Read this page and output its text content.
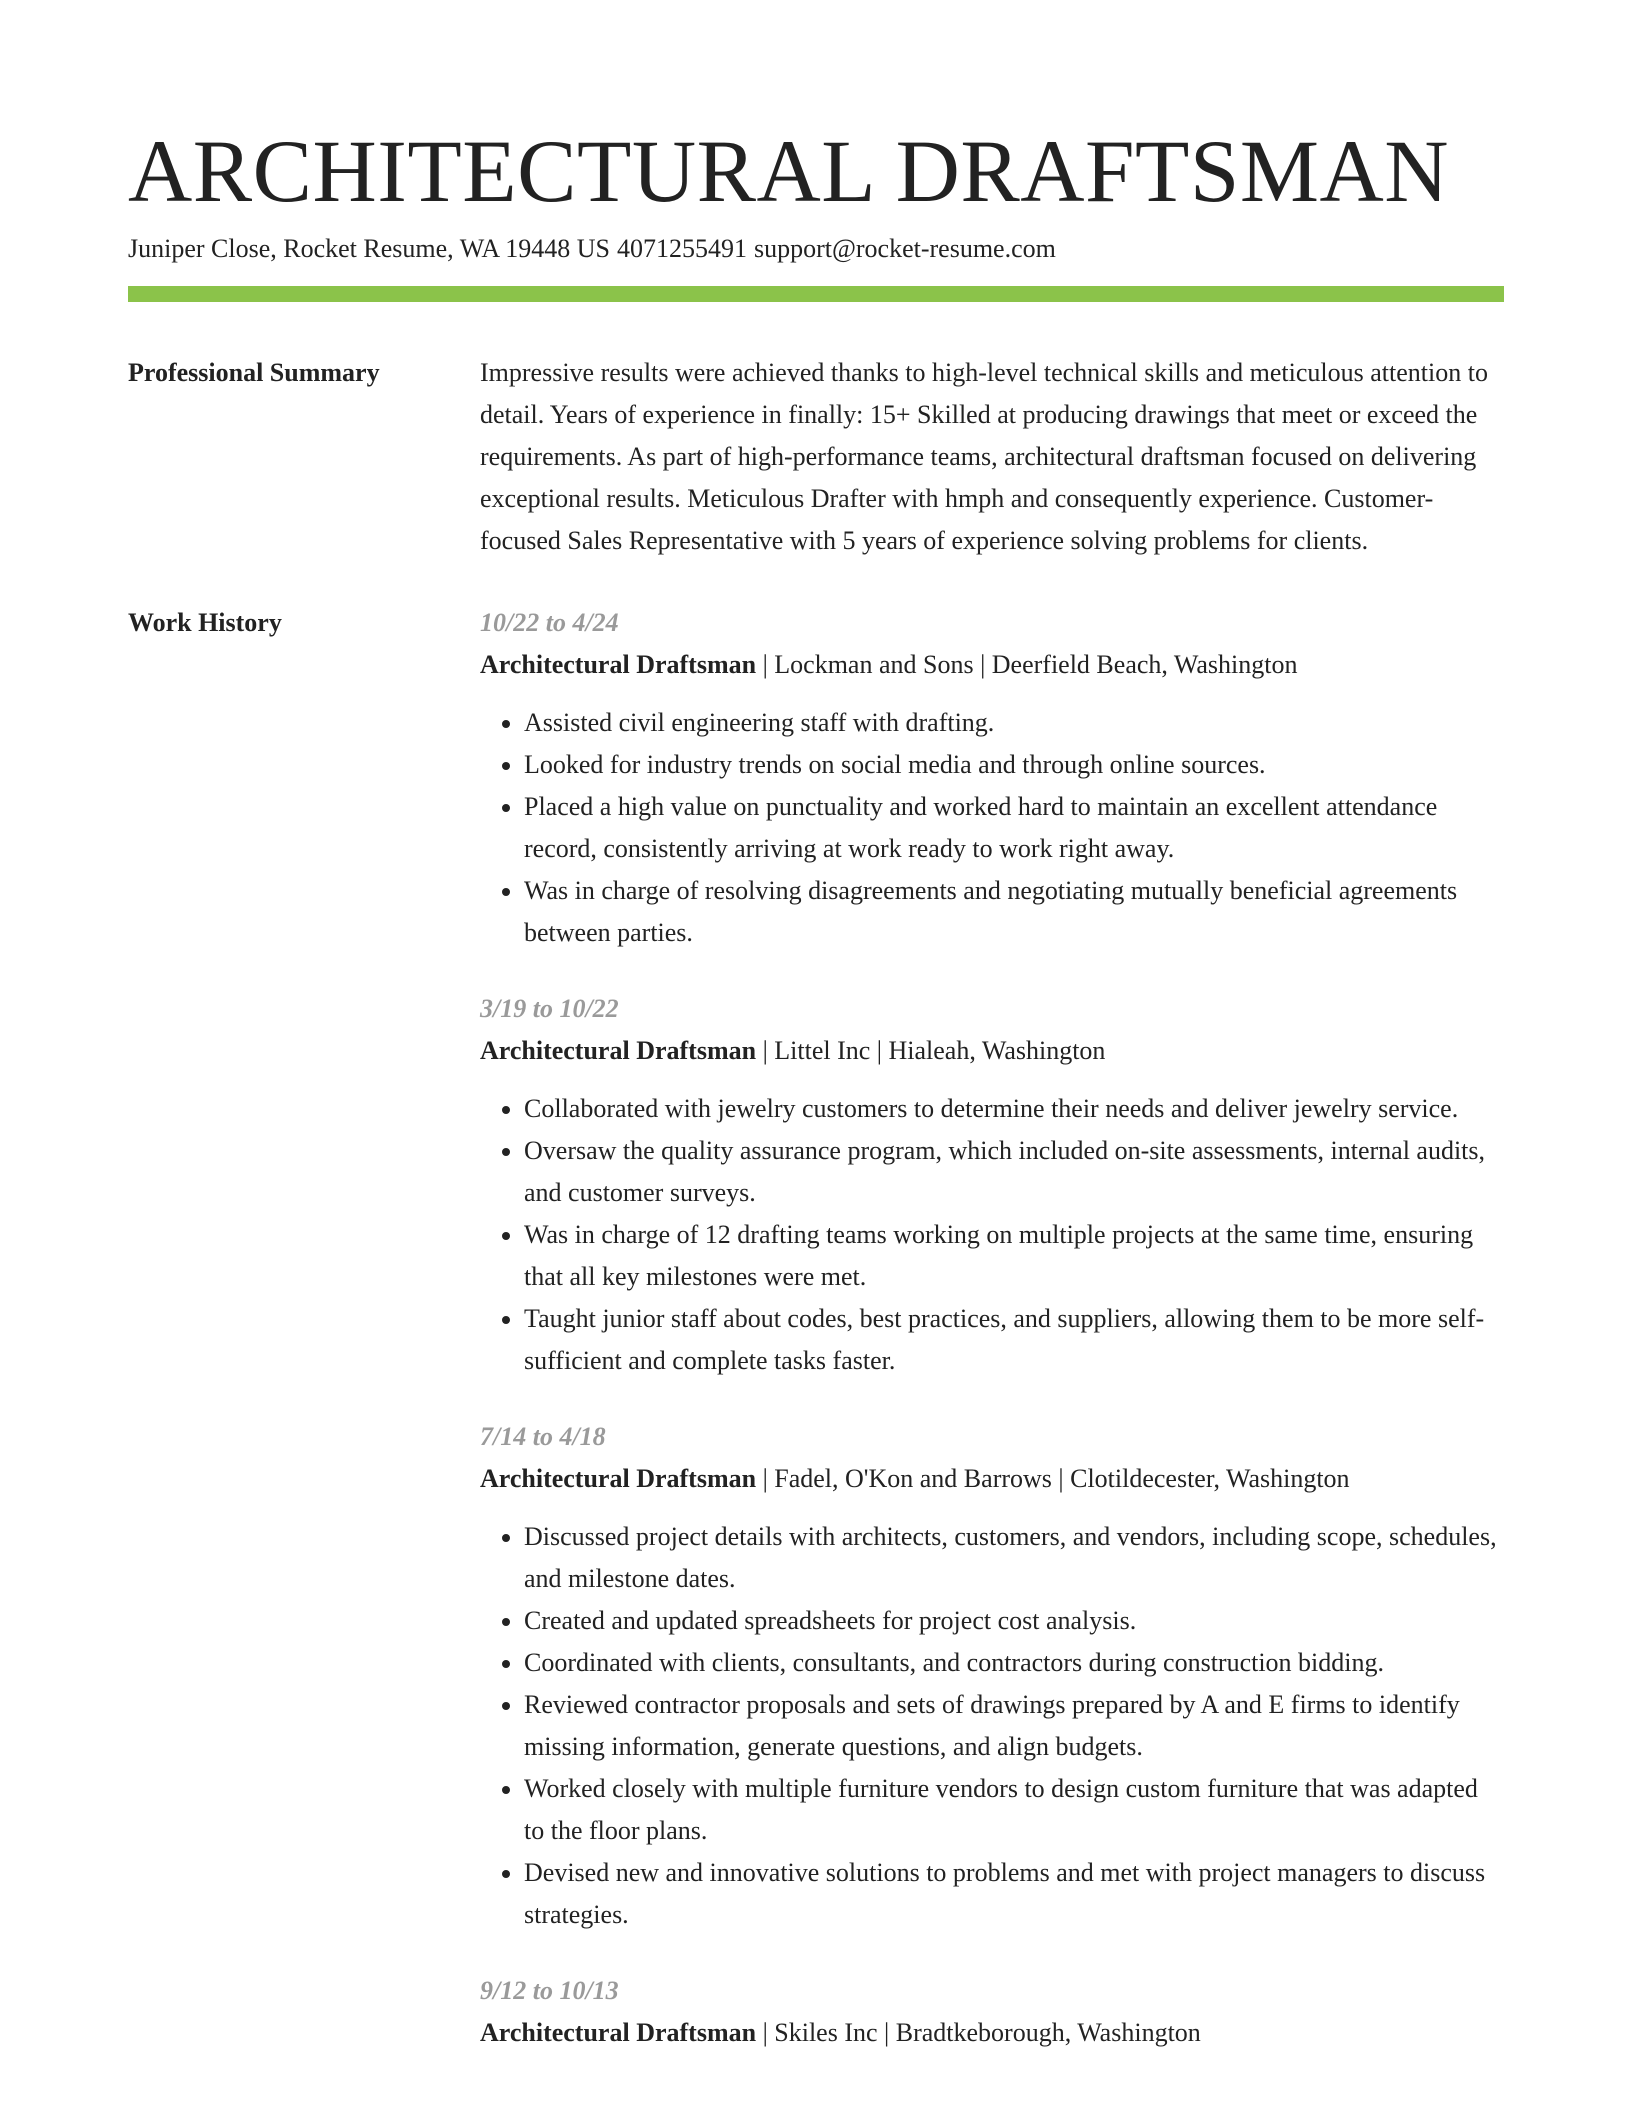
ARCHITECTURAL DRAFTSMAN
Juniper Close, Rocket Resume, WA 19448 US 4071255491 support@rocket-resume.com
Professional Summary	Impressive results were achieved thanks to high-level technical skills and meticulous attention to detail. Years of experience in finally: 15+ Skilled at producing drawings that meet or exceed the requirements. As part of high-performance teams, architectural draftsman focused on delivering exceptional results. Meticulous Drafter with hmph and consequently experience. Customer-focused Sales Representative with 5 years of experience solving problems for clients.

Work History	10/22 to 4/24
Architectural Draftsman | Lockman and Sons | Deerfield Beach, Washington
• Assisted civil engineering staff with drafting.
• Looked for industry trends on social media and through online sources.
• Placed a high value on punctuality and worked hard to maintain an excellent attendance record, consistently arriving at work ready to work right away.
• Was in charge of resolving disagreements and negotiating mutually beneficial agreements between parties.
3/19 to 10/22
Architectural Draftsman | Littel Inc | Hialeah, Washington
• Collaborated with jewelry customers to determine their needs and deliver jewelry service.
• Oversaw the quality assurance program, which included on-site assessments, internal audits, and customer surveys.
• Was in charge of 12 drafting teams working on multiple projects at the same time, ensuring that all key milestones were met.
• Taught junior staff about codes, best practices, and suppliers, allowing them to be more self-sufficient and complete tasks faster.
7/14 to 4/18
Architectural Draftsman | Fadel, O'Kon and Barrows | Clotildecester, Washington
• Discussed project details with architects, customers, and vendors, including scope, schedules, and milestone dates.
• Created and updated spreadsheets for project cost analysis.
• Coordinated with clients, consultants, and contractors during construction bidding.
• Reviewed contractor proposals and sets of drawings prepared by A and E firms to identify missing information, generate questions, and align budgets.
• Worked closely with multiple furniture vendors to design custom furniture that was adapted to the floor plans.
• Devised new and innovative solutions to problems and met with project managers to discuss strategies.
9/12 to 10/13
Architectural Draftsman | Skiles Inc | Bradtkeborough, Washington
